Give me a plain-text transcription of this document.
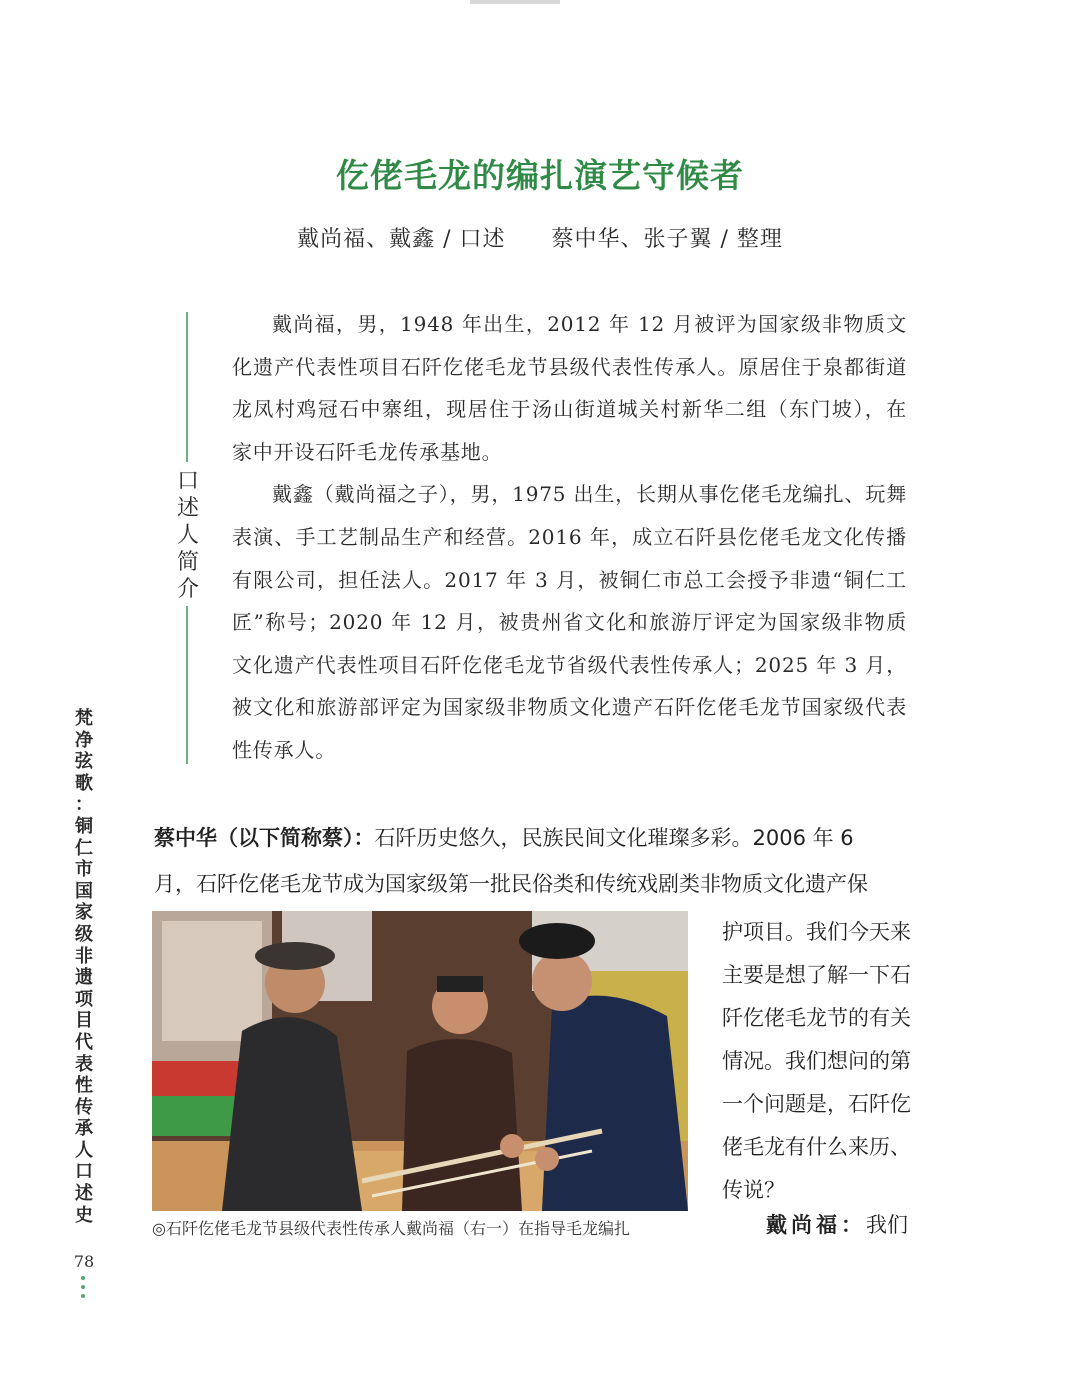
仡佬毛龙的编扎演艺守候者
戴尚福、戴鑫 / 口述 蔡中华、张子翼 / 整理
口
述
人
简
介

戴尚福，男，1948 年出生，2012 年 12 月被评为国家级非物质文化遗产代表性项目石阡仡佬毛龙节县级代表性传承人。原居住于泉都街道龙凤村鸡冠石中寨组，现居住于汤山街道城关村新华二组（东门坡），在家中开设石阡毛龙传承基地。

戴鑫（戴尚福之子），男，1975 出生，长期从事仡佬毛龙编扎、玩舞表演、手工艺制品生产和经营。2016 年，成立石阡县仡佬毛龙文化传播有限公司，担任法人。2017 年 3 月，被铜仁市总工会授予非遗“铜仁工匠”称号；2020 年 12 月，被贵州省文化和旅游厅评定为国家级非物质文化遗产代表性项目石阡仡佬毛龙节省级代表性传承人；2025 年 3 月，被文化和旅游部评定为国家级非物质文化遗产石阡仡佬毛龙节国家级代表性传承人。

梵
净
弦
歌
：
铜
仁
市
国
家
级
非
遗
项
目
代
表
性
传
承
人
口
述
史
78
蔡中华（以下简称蔡）：石阡历史悠久，民族民间文化璀璨多彩。2006 年 6
月，石阡仡佬毛龙节成为国家级第一批民俗类和传统戏剧类非物质文化遗产保
护项目。我们今天来
主要是想了解一下石
阡仡佬毛龙节的有关
情况。我们想问的第
一个问题是，石阡仡
佬毛龙有什么来历、
传说？
◎石阡仡佬毛龙节县级代表性传承人戴尚福（右一）在指导毛龙编扎	戴尚福：我们
